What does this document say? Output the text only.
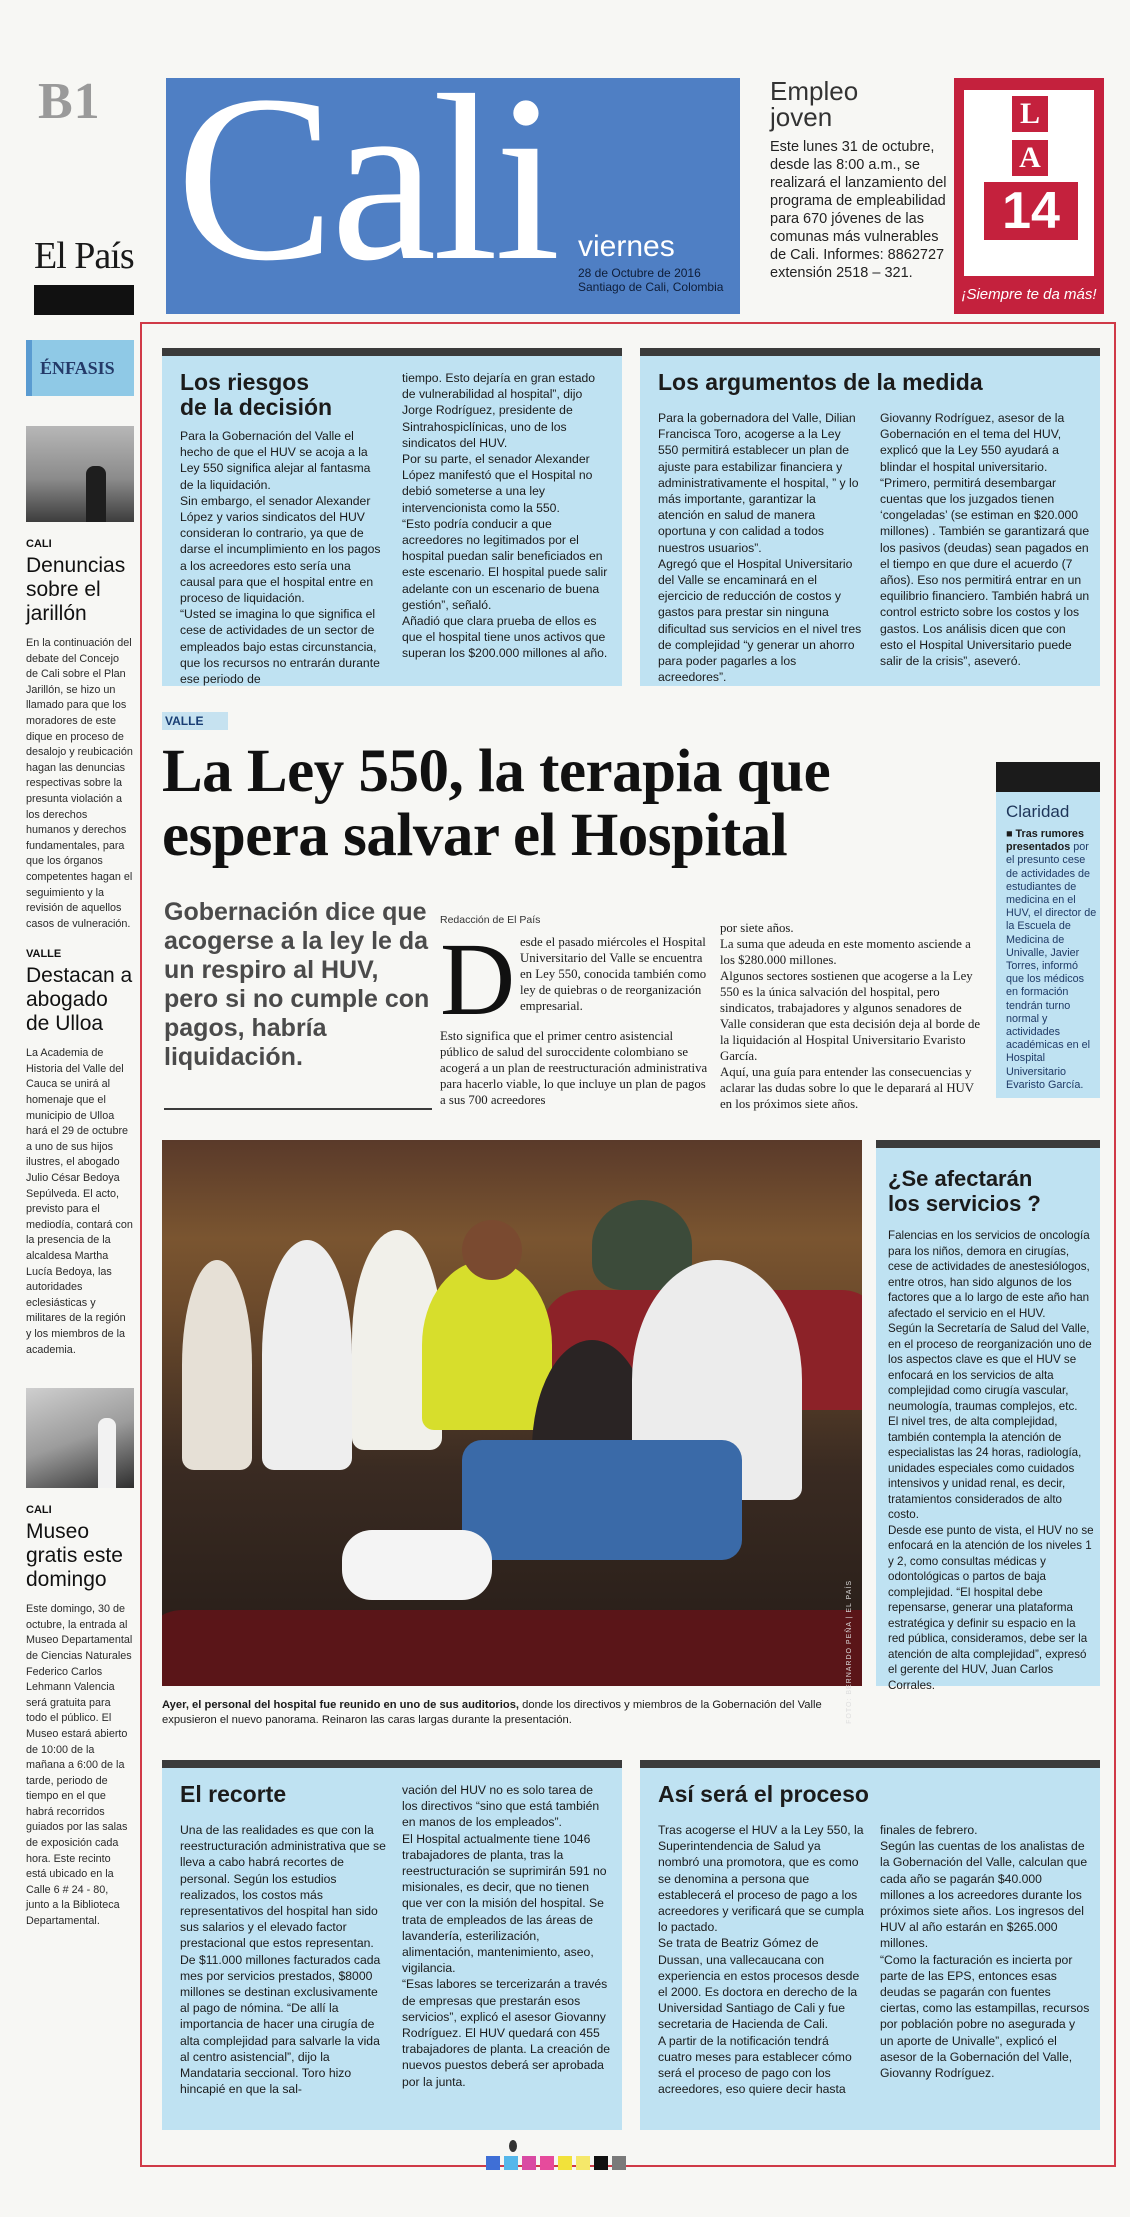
B1
El País Cali viernes
28 de Octubre de 2016
Santiago de Cali, Colombia
Empleo
joven
Este lunes 31 de octubre, desde las 8:00 a.m., se realizará el lanzamiento del programa de empleabilidad para 670 jóvenes de las comunas más vulnerables de Cali. Informes: 8862727 extensión 2518 – 321.
L
A
14
¡Siempre te da más!
ÉNFASIS
CALI
Denuncias sobre el jarillón
En la continuación del debate del Concejo de Cali sobre el Plan Jarillón, se hizo un llamado para que los moradores de este dique en proceso de desalojo y reubicación hagan las denuncias respectivas sobre la presunta violación a los derechos humanos y derechos fundamentales, para que los órganos competentes hagan el seguimiento y la revisión de aquellos casos de vulneración.
VALLE
Destacan a abogado de Ulloa
La Academia de Historia del Valle del Cauca se unirá al homenaje que el municipio de Ulloa hará el 29 de octubre a uno de sus hijos ilustres, el abogado Julio César Bedoya Sepúlveda. El acto, previsto para el mediodía, contará con la presencia de la alcaldesa Martha Lucía Bedoya, las autoridades eclesiásticas y militares de la región y los miembros de la academia.
CALI
Museo gratis este domingo
Este domingo, 30 de octubre, la entrada al Museo Departamental de Ciencias Naturales Federico Carlos Lehmann Valencia será gratuita para todo el público. El Museo estará abierto de 10:00 de la mañana a 6:00 de la tarde, periodo de tiempo en el que habrá recorridos guiados por las salas de exposición cada hora. Este recinto está ubicado en la Calle 6 # 24 - 80, junto a la Biblioteca Departamental.
Los riesgos
de la decisión
Para la Gobernación del Valle el hecho de que el HUV se acoja a la Ley 550 significa alejar al fantasma de la liquidación.
Sin embargo, el senador Alexander López y varios sindicatos del HUV consideran lo contrario, ya que de darse el incumplimiento en los pagos a los acreedores esto sería una causal para que el hospital entre en proceso de liquidación.
“Usted se imagina lo que significa el cese de actividades de un sector de empleados bajo estas circunstancia, que los recursos no entrarán durante ese periodo de
tiempo. Esto dejaría en gran estado de vulnerabilidad al hospital”, dijo Jorge Rodríguez, presidente de Sintrahospiclínicas, uno de los sindicatos del HUV.
Por su parte, el senador Alexander López manifestó que el Hospital no debió someterse a una ley intervencionista como la 550.
“Esto podría conducir a que acreedores no legitimados por el hospital puedan salir beneficiados en este escenario. El hospital puede salir adelante con un escenario de buena gestión”, señaló.
Añadió que clara prueba de ellos es que el hospital tiene unos activos que superan los $200.000 millones al año.
Los argumentos de la medida
Para la gobernadora del Valle, Dilian Francisca Toro, acogerse a la Ley 550 permitirá establecer un plan de ajuste para estabilizar financiera y administrativamente el hospital, ” y lo más importante, garantizar la atención en salud de manera oportuna y con calidad a todos nuestros usuarios”.
Agregó que el Hospital Universitario del Valle se encaminará en el ejercicio de reducción de costos y gastos para prestar sin ninguna dificultad sus servicios en el nivel tres de complejidad “y generar un ahorro para poder pagarles a los acreedores”.
Giovanny Rodríguez, asesor de la Gobernación en el tema del HUV, explicó que la Ley 550 ayudará a blindar el hospital universitario.
“Primero, permitirá desembargar cuentas que los juzgados tienen ‘congeladas’ (se estiman en $20.000 millones) . También se garantizará que los pasivos (deudas) sean pagados en el tiempo en que dure el acuerdo (7 años). Eso nos permitirá entrar en un equilibrio financiero. También habrá un control estricto sobre los costos y los gastos. Los análisis dicen que con esto el Hospital Universitario puede salir de la crisis”, aseveró.
VALLE
La Ley 550, la terapia que espera salvar el Hospital
Gobernación dice que acogerse a la ley le da un respiro al HUV, pero si no cumple con pagos, habría liquidación.
Redacción de El País
D esde el pasado miércoles el Hospital Universitario del Valle se encuentra en Ley 550, conocida también como ley de quiebras o de reorganización empresarial.
Esto significa que el primer centro asistencial público de salud del suroccidente colombiano se acogerá a un plan de reestructuración administrativa para hacerlo viable, lo que incluye un plan de pagos a sus 700 acreedores
por siete años.
La suma que adeuda en este momento asciende a los $280.000 millones.
Algunos sectores sostienen que acogerse a la Ley 550 es la única salvación del hospital, pero sindicatos, trabajadores y algunos senadores de Valle consideran que esta decisión deja al borde de la liquidación al Hospital Universitario Evaristo García.
Aquí, una guía para entender las consecuencias y aclarar las dudas sobre lo que le deparará al HUV en los próximos siete años.
Claridad
■ Tras rumores presentados por el presunto cese de actividades de estudiantes de medicina en el HUV, el director de la Escuela de Medicina de Univalle, Javier Torres, informó que los médicos en formación tendrán turno normal y actividades académicas en el Hospital Universitario Evaristo García.
FOTO: BERNARDO PEÑA | EL PAÍS
Ayer, el personal del hospital fue reunido en uno de sus auditorios, donde los directivos y miembros de la Gobernación del Valle expusieron el nuevo panorama. Reinaron las caras largas durante la presentación.
¿Se afectarán
los servicios ?
Falencias en los servicios de oncología para los niños, demora en cirugías, cese de actividades de anestesiólogos, entre otros, han sido algunos de los factores que a lo largo de este año han afectado el servicio en el HUV.
Según la Secretaría de Salud del Valle, en el proceso de reorganización uno de los aspectos clave es que el HUV se enfocará en los servicios de alta complejidad como cirugía vascular, neumología, traumas complejos, etc.
El nivel tres, de alta complejidad, también contempla la atención de especialistas las 24 horas, radiología, unidades especiales como cuidados intensivos y unidad renal, es decir, tratamientos considerados de alto costo.
Desde ese punto de vista, el HUV no se enfocará en la atención de los niveles 1 y 2, como consultas médicas y odontológicas o partos de baja complejidad. “El hospital debe repensarse, generar una plataforma estratégica y definir su espacio en la red pública, consideramos, debe ser la atención de alta complejidad”, expresó el gerente del HUV, Juan Carlos Corrales.
El recorte
Una de las realidades es que con la reestructuración administrativa que se lleva a cabo habrá recortes de personal. Según los estudios realizados, los costos más representativos del hospital han sido sus salarios y el elevado factor prestacional que estos representan. De $11.000 millones facturados cada mes por servicios prestados, $8000 millones se destinan exclusivamente al pago de nómina. “De allí la importancia de hacer una cirugía de alta complejidad para salvarle la vida al centro asistencial”, dijo la Mandataria seccional. Toro hizo hincapié en que la sal-
vación del HUV no es solo tarea de los directivos “sino que está también en manos de los empleados”.
El Hospital actualmente tiene 1046 trabajadores de planta, tras la reestructuración se suprimirán 591 no misionales, es decir, que no tienen que ver con la misión del hospital. Se trata de empleados de las áreas de lavandería, esterilización, alimentación, mantenimiento, aseo, vigilancia.
“Esas labores se tercerizarán a través de empresas que prestarán esos servicios”, explicó el asesor Giovanny Rodríguez. El HUV quedará con 455 trabajadores de planta. La creación de nuevos puestos deberá ser aprobada por la junta.
Así será el proceso
Tras acogerse el HUV a la Ley 550, la Superintendencia de Salud ya nombró una promotora, que es como se denomina a persona que establecerá el proceso de pago a los acreedores y verificará que se cumpla lo pactado.
Se trata de Beatriz Gómez de Dussan, una vallecaucana con experiencia en estos procesos desde el 2000. Es doctora en derecho de la Universidad Santiago de Cali y fue secretaria de Hacienda de Cali.
A partir de la notificación tendrá cuatro meses para establecer cómo será el proceso de pago con los acreedores, eso quiere decir hasta
finales de febrero.
Según las cuentas de los analistas de la Gobernación del Valle, calculan que cada año se pagarán $40.000 millones a los acreedores durante los próximos siete años. Los ingresos del HUV al año estarán en $265.000 millones.
“Como la facturación es incierta por parte de las EPS, entonces esas deudas se pagarán con fuentes ciertas, como las estampillas, recursos por población pobre no asegurada y un aporte de Univalle”, explicó el asesor de la Gobernación del Valle, Giovanny Rodríguez.
